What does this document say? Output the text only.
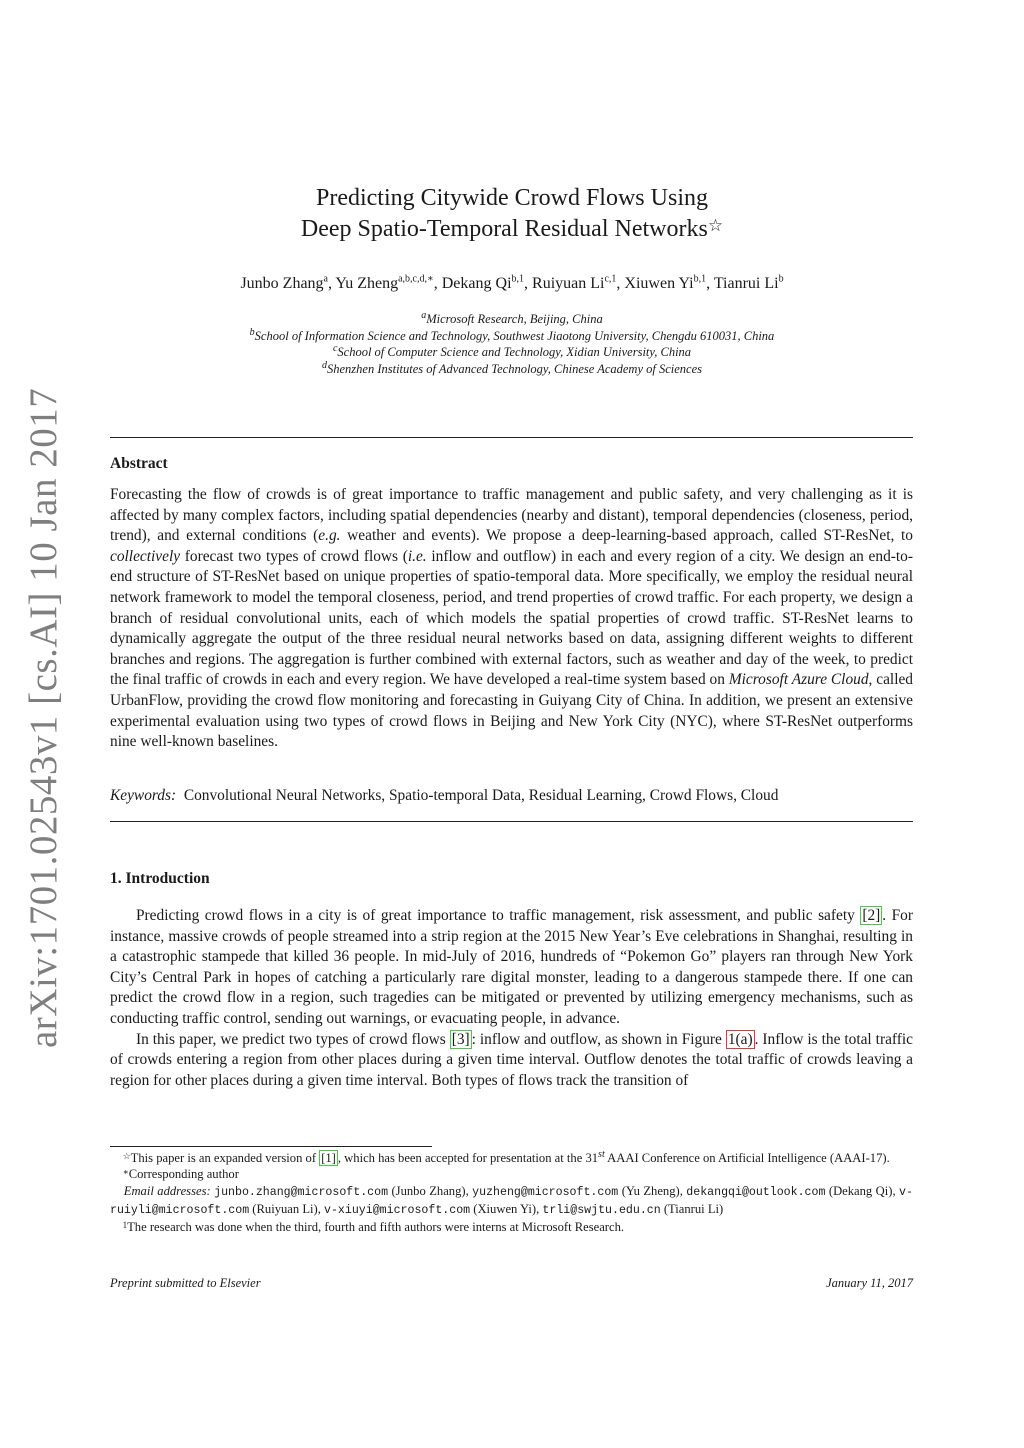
arXiv:1701.02543v1 [cs.AI] 10 Jan 2017
Predicting Citywide Crowd Flows Using
Deep Spatio-Temporal Residual Networks☆
Junbo Zhang$^a$, Yu Zheng$^{a,b,c,d,∗}$, Dekang Qi$^{b,1}$, Ruiyuan Li$^{c,1}$, Xiuwen Yi$^{b,1}$, Tianrui Li$^b$
$^a$Microsoft Research, Beijing, China
$^b$School of Information Science and Technology, Southwest Jiaotong University, Chengdu 610031, China
$^c$School of Computer Science and Technology, Xidian University, China
$^d$Shenzhen Institutes of Advanced Technology, Chinese Academy of Sciences
Abstract
Forecasting the flow of crowds is of great importance to traffic management and public safety, and very challenging as it is affected by many complex factors, including spatial dependencies (nearby and distant), temporal dependencies (closeness, period, trend), and external conditions (e.g. weather and events). We propose a deep-learning-based approach, called ST-ResNet, to collectively forecast two types of crowd flows (i.e. inflow and outflow) in each and every region of a city. We design an end-to-end structure of ST-ResNet based on unique properties of spatio-temporal data. More specifically, we employ the residual neural network framework to model the temporal closeness, period, and trend properties of crowd traffic. For each property, we design a branch of residual convolutional units, each of which models the spatial properties of crowd traffic. ST-ResNet learns to dynamically aggregate the output of the three residual neural networks based on data, assigning different weights to different branches and regions. The aggregation is further combined with external factors, such as weather and day of the week, to predict the final traffic of crowds in each and every region. We have developed a real-time system based on Microsoft Azure Cloud, called UrbanFlow, providing the crowd flow monitoring and forecasting in Guiyang City of China. In addition, we present an extensive experimental evaluation using two types of crowd flows in Beijing and New York City (NYC), where ST-ResNet outperforms nine well-known baselines.
Keywords: Convolutional Neural Networks, Spatio-temporal Data, Residual Learning, Crowd Flows, Cloud
1. Introduction

Predicting crowd flows in a city is of great importance to traffic management, risk assessment, and public safety [2] . For instance, massive crowds of people streamed into a strip region at the 2015 New Year’s Eve celebrations in Shanghai, resulting in a catastrophic stampede that killed 36 people. In mid-July of 2016, hundreds of “Pokemon Go” players ran through New York City’s Central Park in hopes of catching a particularly rare digital monster, leading to a dangerous stampede there. If one can predict the crowd flow in a region, such tragedies can be mitigated or prevented by utilizing emergency mechanisms, such as conducting traffic control, sending out warnings, or evacuating people, in advance.

In this paper, we predict two types of crowd flows [3] : inflow and outflow, as shown in Figure 1(a) . Inflow is the total traffic of crowds entering a region from other places during a given time interval. Outflow denotes the total traffic of crowds leaving a region for other places during a given time interval. Both types of flows track the transition of

☆This paper is an expanded version of [1] , which has been accepted for presentation at the 31st AAAI Conference on Artificial Intelligence (AAAI-17).

∗Corresponding author

Email addresses: junbo.zhang@microsoft.com (Junbo Zhang), yuzheng@microsoft.com (Yu Zheng), dekangqi@outlook.com (Dekang Qi), v-ruiyli@microsoft.com (Ruiyuan Li), v-xiuyi@microsoft.com (Xiuwen Yi), trli@swjtu.edu.cn (Tianrui Li)

$^1$The research was done when the third, fourth and fifth authors were interns at Microsoft Research.

Preprint submitted to Elsevier	January 11, 2017
